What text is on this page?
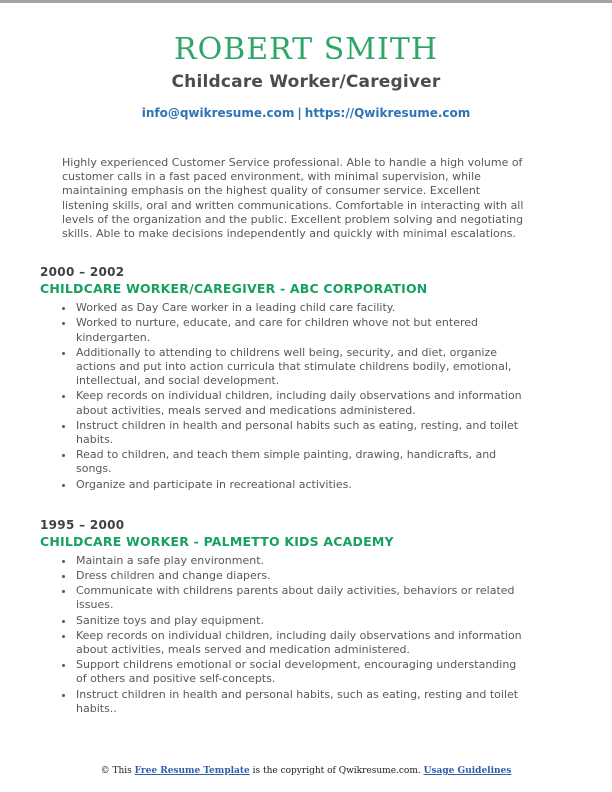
ROBERT SMITH
Childcare Worker/Caregiver
info@qwikresume.com | https://Qwikresume.com

Highly experienced Customer Service professional. Able to handle a high volume of customer calls in a fast paced environment, with minimal supervision, while maintaining emphasis on the highest quality of consumer service. Excellent listening skills, oral and written communications. Comfortable in interacting with all levels of the organization and the public. Excellent problem solving and negotiating skills. Able to make decisions independently and quickly with minimal escalations.

2000 – 2002
CHILDCARE WORKER/CAREGIVER - ABC CORPORATION
• Worked as Day Care worker in a leading child care facility.
• Worked to nurture, educate, and care for children whove not but entered kindergarten.
• Additionally to attending to childrens well being, security, and diet, organize actions and put into action curricula that stimulate childrens bodily, emotional, intellectual, and social development.
• Keep records on individual children, including daily observations and information about activities, meals served and medications administered.
• Instruct children in health and personal habits such as eating, resting, and toilet habits.
• Read to children, and teach them simple painting, drawing, handicrafts, and songs.
• Organize and participate in recreational activities.
1995 – 2000
CHILDCARE WORKER - PALMETTO KIDS ACADEMY
• Maintain a safe play environment.
• Dress children and change diapers.
• Communicate with childrens parents about daily activities, behaviors or related issues.
• Sanitize toys and play equipment.
• Keep records on individual children, including daily observations and information about activities, meals served and medication administered.
• Support childrens emotional or social development, encouraging understanding of others and positive self-concepts.
• Instruct children in health and personal habits, such as eating, resting and toilet habits..
© This Free Resume Template is the copyright of Qwikresume.com. Usage Guidelines
